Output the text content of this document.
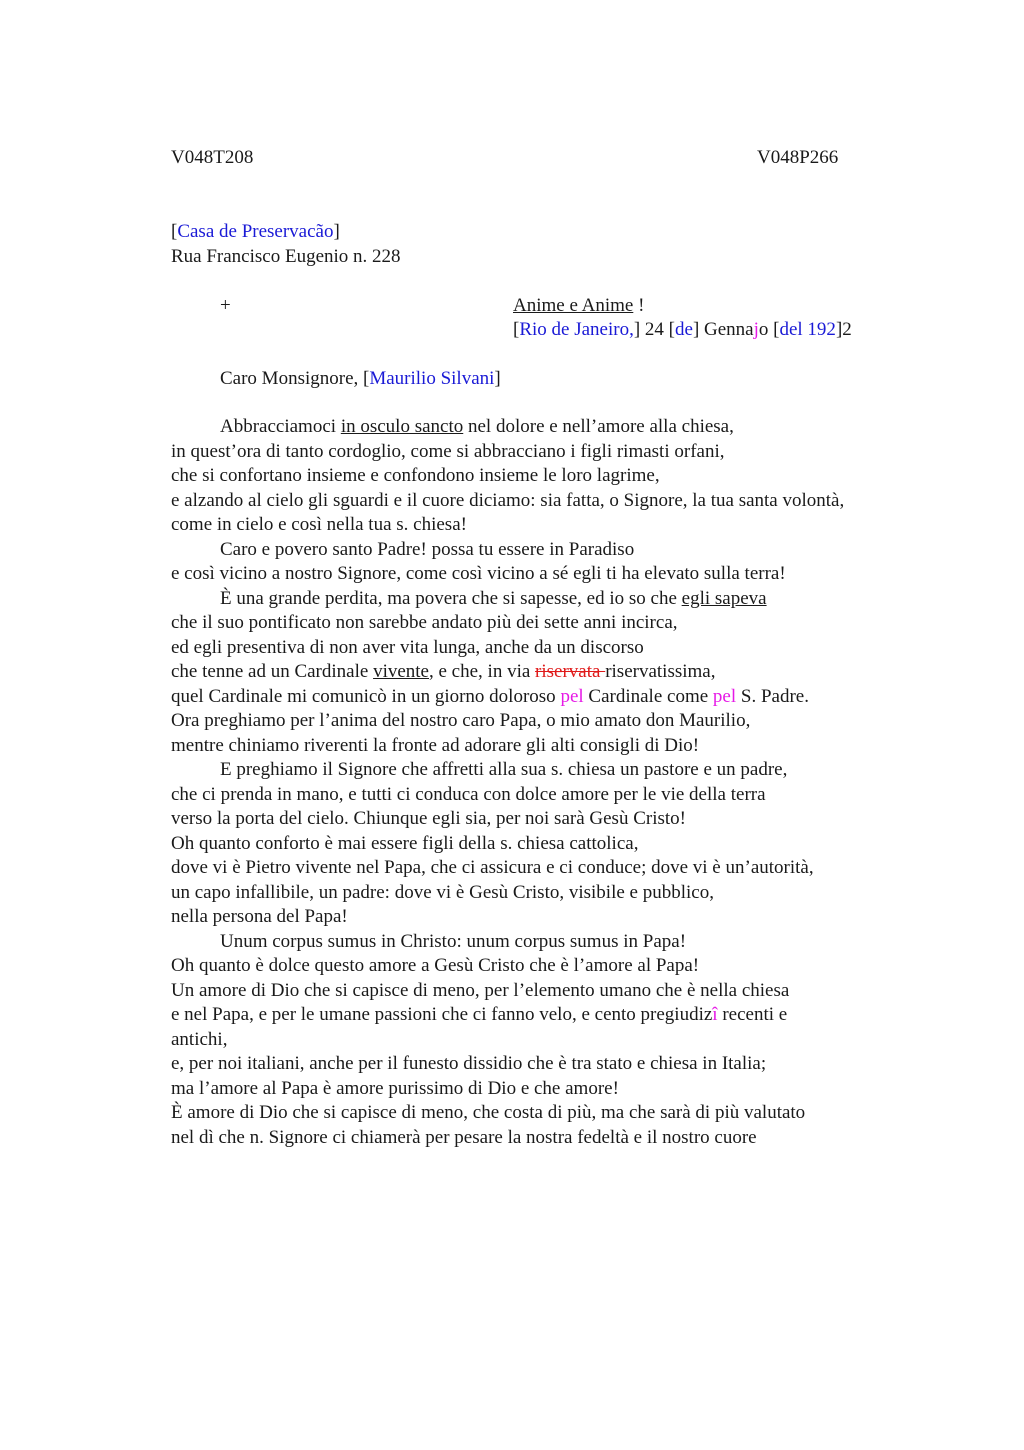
V048T208	V048P266
[Casa de Preservacão]
Rua Francisco Eugenio n. 228
+	Anime e Anime !
[Rio de Janeiro,] 24 [de] Gennajo [del 192]2
Caro Monsignore, [Maurilio Silvani]
Abbracciamoci in osculo sancto nel dolore e nell’amore alla chiesa,
in quest’ora di tanto cordoglio, come si abbracciano i figli rimasti orfani,
che si confortano insieme e confondono insieme le loro lagrime,
e alzando al cielo gli sguardi e il cuore diciamo: sia fatta, o Signore, la tua santa volontà,
come in cielo e così nella tua s. chiesa!
Caro e povero santo Padre! possa tu essere in Paradiso
e così vicino a nostro Signore, come così vicino a sé egli ti ha elevato sulla terra!
È una grande perdita, ma povera che si sapesse, ed io so che egli sapeva
che il suo pontificato non sarebbe andato più dei sette anni incirca,
ed egli presentiva di non aver vita lunga, anche da un discorso
che tenne ad un Cardinale vivente, e che, in via riservata riservatissima,
quel Cardinale mi comunicò in un giorno doloroso pel Cardinale come pel S. Padre.
Ora preghiamo per l’anima del nostro caro Papa, o mio amato don Maurilio,
mentre chiniamo riverenti la fronte ad adorare gli alti consigli di Dio!
E preghiamo il Signore che affretti alla sua s. chiesa un pastore e un padre,
che ci prenda in mano, e tutti ci conduca con dolce amore per le vie della terra
verso la porta del cielo. Chiunque egli sia, per noi sarà Gesù Cristo!
Oh quanto conforto è mai essere figli della s. chiesa cattolica,
dove vi è Pietro vivente nel Papa, che ci assicura e ci conduce; dove vi è un’autorità,
un capo infallibile, un padre: dove vi è Gesù Cristo, visibile e pubblico,
nella persona del Papa!
Unum corpus sumus in Christo: unum corpus sumus in Papa!
Oh quanto è dolce questo amore a Gesù Cristo che è l’amore al Papa!
Un amore di Dio che si capisce di meno, per l’elemento umano che è nella chiesa
e nel Papa, e per le umane passioni che ci fanno velo, e cento pregiudizî recenti e
antichi,
e, per noi italiani, anche per il funesto dissidio che è tra stato e chiesa in Italia;
ma l’amore al Papa è amore purissimo di Dio e che amore!
È amore di Dio che si capisce di meno, che costa di più, ma che sarà di più valutato
nel dì che n. Signore ci chiamerà per pesare la nostra fedeltà e il nostro cuore
